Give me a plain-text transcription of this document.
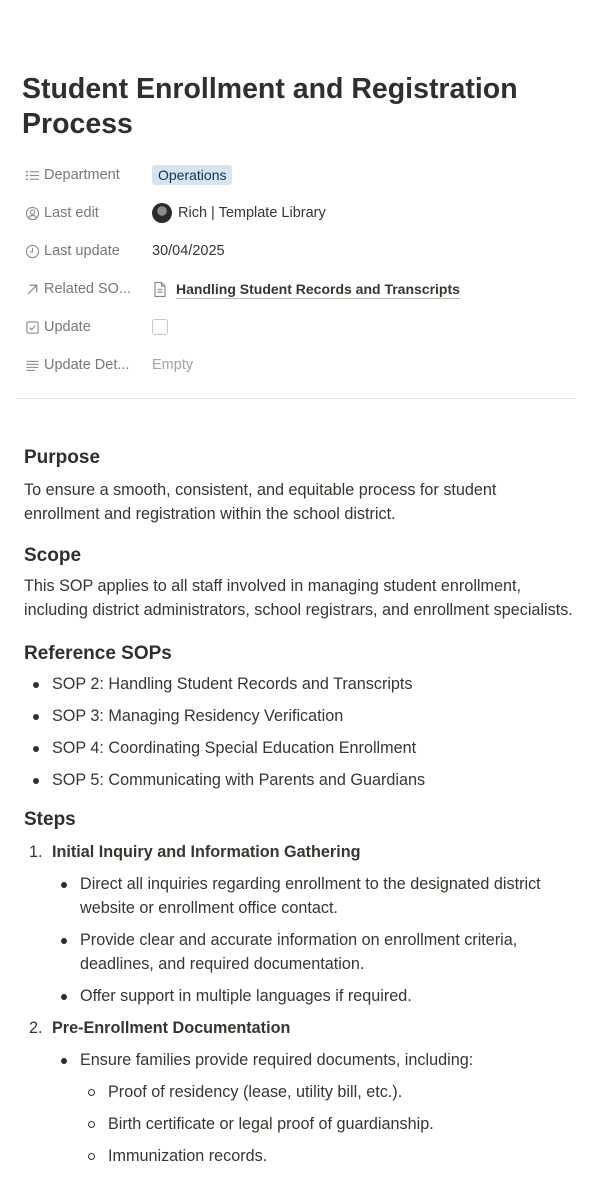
Student Enrollment and Registration Process
Department	Operations
Last edit	Rich | Template Library
Last update 30/04/2025
Related SO...	Handling Student Records and Transcripts
Update
Update Det... Empty
Purpose

To ensure a smooth, consistent, and equitable process for student enrollment and registration within the school district.

Scope

This SOP applies to all staff involved in managing student enrollment, including district administrators, school registrars, and enrollment specialists.

Reference SOPs
SOP 2: Handling Student Records and Transcripts
SOP 3: Managing Residency Verification
SOP 4: Coordinating Special Education Enrollment
SOP 5: Communicating with Parents and Guardians
Steps
1. Initial Inquiry and Information Gathering
Direct all inquiries regarding enrollment to the designated district website or enrollment office contact.
Provide clear and accurate information on enrollment criteria, deadlines, and required documentation.
Offer support in multiple languages if required.
2. Pre-Enrollment Documentation
Ensure families provide required documents, including:
Proof of residency (lease, utility bill, etc.).
Birth certificate or legal proof of guardianship.
Immunization records.
